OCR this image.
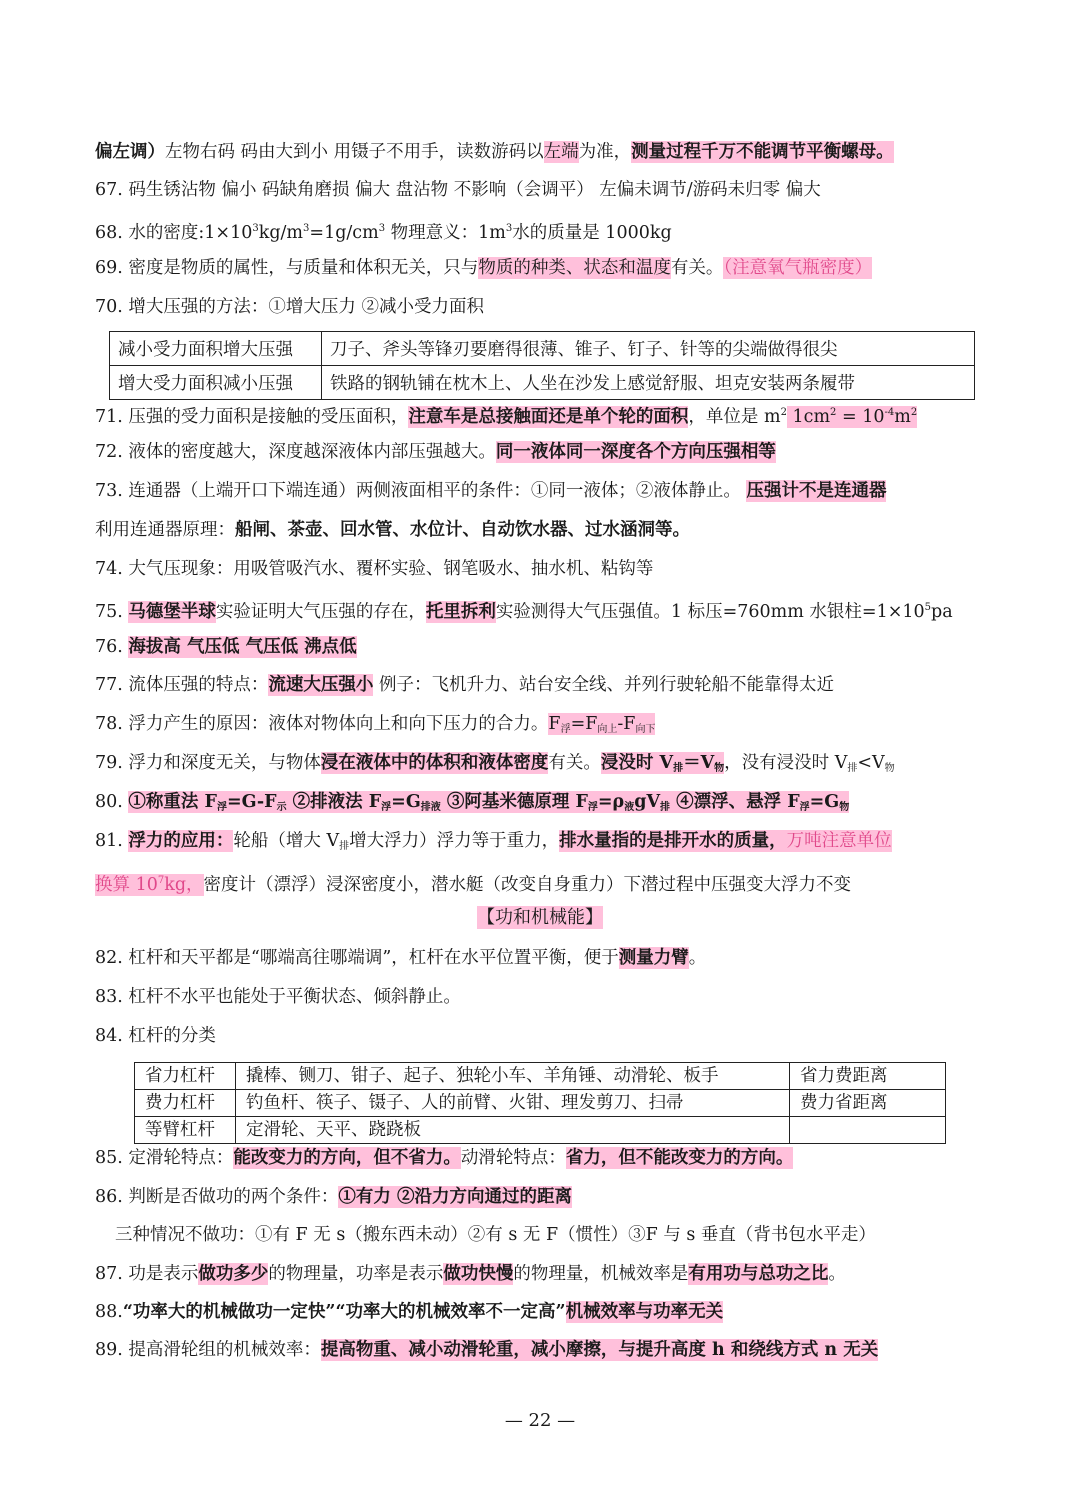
偏左调）左物右码 码由大到小 用镊子不用手，读数游码以左端为准，测量过程千万不能调节平衡螺母。
67. 码生锈沾物 偏小 码缺角磨损 偏大 盘沾物 不影响（会调平） 左偏未调节/游码未归零 偏大
68. 水的密度$:1\times 10^3kg/m^3=1g/cm^3$ 物理意义：$1m^3$水的质量是 1000kg
69. 密度是物质的属性，与质量和体积无关，只与物质的种类、状态和温度有关。（注意氧气瓶密度）
70. 增大压强的方法：①增大压力 ②减小受力面积
减小受力面积增大压强	刀子、斧头等锋刃要磨得很薄、锥子、钉子、针等的尖端做得很尖
增大受力面积减小压强	铁路的钢轨铺在枕木上、人坐在沙发上感觉舒服、坦克安装两条履带
71. 压强的受力面积是接触的受压面积，注意车是总接触面还是单个轮的面积，单位是 $m^2$ $1cm^2 = 10^{-4}m^2$
72. 液体的密度越大，深度越深液体内部压强越大。同一液体同一深度各个方向压强相等
73. 连通器（上端开口下端连通）两侧液面相平的条件：①同一液体；②液体静止。 压强计不是连通器
利用连通器原理：船闸、茶壶、回水管、水位计、自动饮水器、过水涵洞等。
74. 大气压现象：用吸管吸汽水、覆杯实验、钢笔吸水、抽水机、粘钩等
75. 马德堡半球实验证明大气压强的存在，托里拆利实验测得大气压强值。1 标压=760mm 水银柱$=1\times 10^5pa$
76. 海拔高 气压低 气压低 沸点低
77. 流体压强的特点：流速大压强小 例子：飞机升力、站台安全线、并列行驶轮船不能靠得太近
78. 浮力产生的原因：液体对物体向上和向下压力的合力。$F_浮=F_{向上}-F_{向下}$
79. 浮力和深度无关，与物体浸在液体中的体积和液体密度有关。浸没时 $V_排=V_物$，没有浸没时 $V_排<V_物$
80. ①称重法 $F_浮=G-F_示$ ②排液法 $F_浮=G_{排液}$ ③阿基米德原理 $F_浮=\rho_液gV_排$ ④漂浮、悬浮 $F_浮=G_物$
81. 浮力的应用：轮船（增大 $V_排$增大浮力）浮力等于重力，排水量指的是排开水的质量，万吨注意单位
换算 $10^7kg$，密度计（漂浮）浸深密度小，潜水艇（改变自身重力）下潜过程中压强变大浮力不变
【功和机械能】
82. 杠杆和天平都是“哪端高往哪端调”，杠杆在水平位置平衡，便于测量力臂。
83. 杠杆不水平也能处于平衡状态、倾斜静止。
84. 杠杆的分类
省力杠杆	撬棒、铡刀、钳子、起子、独轮小车、羊角锤、动滑轮、板手	省力费距离
费力杠杆	钓鱼杆、筷子、镊子、人的前臂、火钳、理发剪刀、扫帚	费力省距离
等臂杠杆	定滑轮、天平、跷跷板	
85. 定滑轮特点：能改变力的方向，但不省力。动滑轮特点：省力，但不能改变力的方向。
86. 判断是否做功的两个条件：①有力 ②沿力方向通过的距离
三种情况不做功：①有 F 无 s（搬东西未动）②有 s 无 F（惯性）③F 与 s 垂直（背书包水平走）
87. 功是表示做功多少的物理量，功率是表示做功快慢的物理量，机械效率是有用功与总功之比。
88.“功率大的机械做功一定快”“功率大的机械效率不一定高”机械效率与功率无关
89. 提高滑轮组的机械效率：提高物重、减小动滑轮重，减小摩擦，与提升高度 h 和绕线方式 n 无关
— 22 —
